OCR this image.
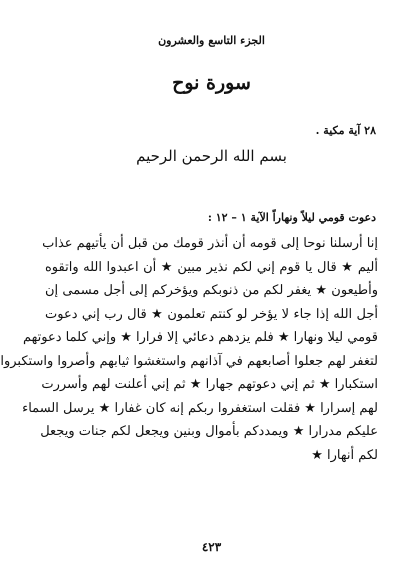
الجزء التاسع والعشرون
سورة نوح
٢٨ آية مكية .
بسم الله الرحمن الرحيم
دعوت قومي ليلاً ونهاراً الآية ١ – ١٢ :
إنا أرسلنا نوحا إلى قومه أن أنذر قومك من قبل أن يأتيهم عذاب
أليم ★ قال يا قوم إني لكم نذير مبين ★ أن اعبدوا الله واتقوه
وأطيعون ★ يغفر لكم من ذنوبكم ويؤخركم إلى أجل مسمى إن
أجل الله إذا جاء لا يؤخر لو كنتم تعلمون ★ قال رب إني دعوت
قومي ليلا ونهارا ★ فلم يزدهم دعائي إلا فرارا ★ وإني كلما دعوتهم
لتغفر لهم جعلوا أصابعهم في آذانهم واستغشوا ثيابهم وأصروا واستكبروا
استكبارا ★ ثم إني دعوتهم جهارا ★ ثم إني أعلنت لهم وأسررت
لهم إسرارا ★ فقلت استغفروا ربكم إنه كان غفارا ★ يرسل السماء
عليكم مدرارا ★ ويمددكم بأموال وبنين ويجعل لكم جنات ويجعل
لكم أنهارا ★
٤٢٣
